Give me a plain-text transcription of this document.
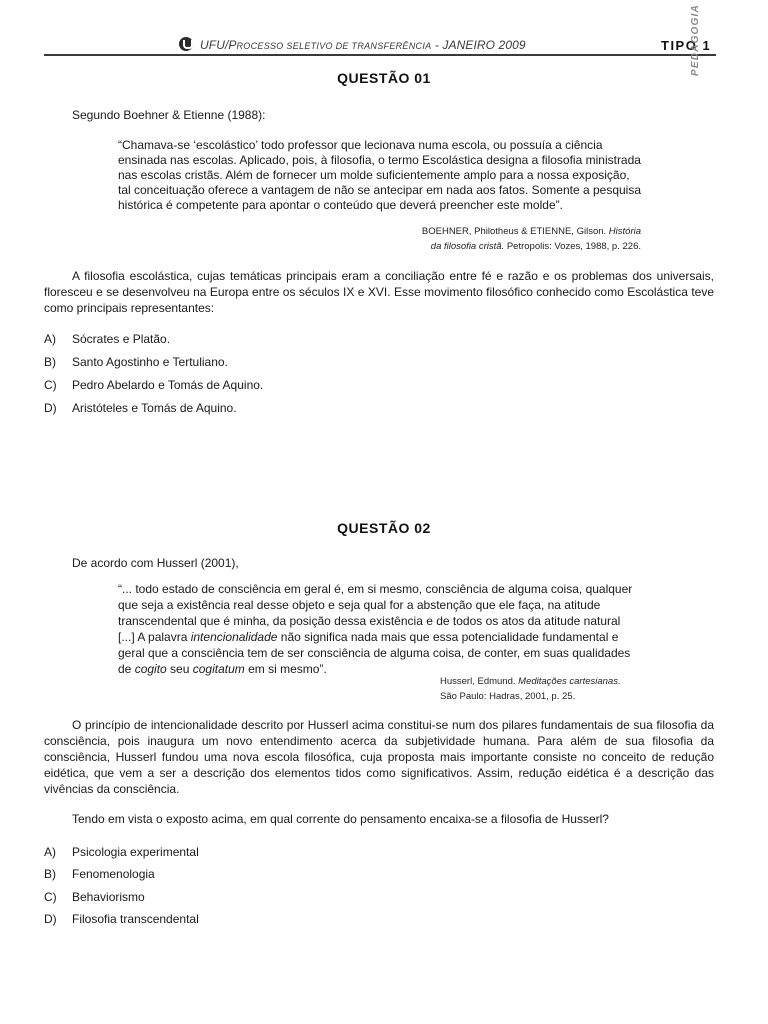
UFU/PROCESSO SELETIVO DE TRANSFERÊNCIA - JANEIRO 2009	TIPO 1
PEDAGOGIA
QUESTÃO 01
Segundo Boehner & Etienne (1988):
“Chamava-se ‘escolástico’ todo professor que lecionava numa escola, ou possuía a ciência
ensinada nas escolas. Aplicado, pois, à filosofia, o termo Escolástica designa a filosofia ministrada
nas escolas cristãs. Além de fornecer um molde suficientemente amplo para a nossa exposição,
tal conceituação oferece a vantagem de não se antecipar em nada aos fatos. Somente a pesquisa
histórica é competente para apontar o conteúdo que deverá preencher este molde”.
BOEHNER, Philotheus & ETIENNE, Gilson. História
da filosofia cristã. Petropolis: Vozes, 1988, p. 226.
A filosofia escolástica, cujas temáticas principais eram a conciliação entre fé e razão e os problemas dos universais, floresceu e se desenvolveu na Europa entre os séculos IX e XVI. Esse movimento filosófico conhecido como Escolástica teve como principais representantes:
A) Sócrates e Platão.
B) Santo Agostinho e Tertuliano.
C) Pedro Abelardo e Tomás de Aquino.
D) Aristóteles e Tomás de Aquino.
QUESTÃO 02
De acordo com Husserl (2001),
“... todo estado de consciência em geral é, em si mesmo, consciência de alguma coisa, qualquer
que seja a existência real desse objeto e seja qual for a abstenção que ele faça, na atitude
transcendental que é minha, da posição dessa existência e de todos os atos da atitude natural
[...] A palavra intencionalidade não significa nada mais que essa potencialidade fundamental e
geral que a consciência tem de ser consciência de alguma coisa, de conter, em suas qualidades
de cogito seu cogitatum em si mesmo”.
Husserl, Edmund. Meditações cartesianas.
São Paulo: Hadras, 2001, p. 25.
O princípio de intencionalidade descrito por Husserl acima constitui-se num dos pilares fundamentais de sua filosofia da consciência, pois inaugura um novo entendimento acerca da subjetividade humana. Para além de sua filosofia da consciência, Husserl fundou uma nova escola filosófica, cuja proposta mais importante consiste no conceito de redução eidética, que vem a ser a descrição dos elementos tidos como significativos. Assim, redução eidética é a descrição das vivências da consciência.
Tendo em vista o exposto acima, em qual corrente do pensamento encaixa-se a filosofia de Husserl?
A) Psicologia experimental
B) Fenomenologia
C) Behaviorismo
D) Filosofia transcendental
